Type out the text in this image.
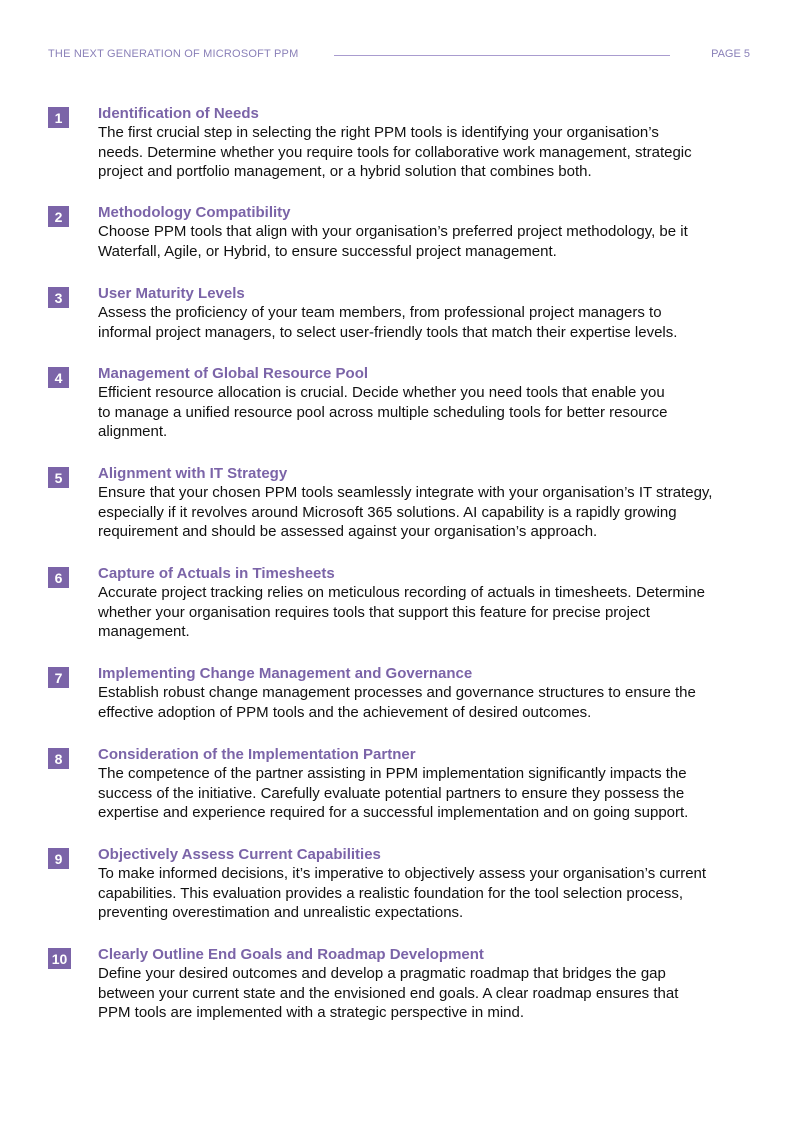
THE NEXT GENERATION OF MICROSOFT PPM	PAGE 5
1	Identification of Needs

The first crucial step in selecting the right PPM tools is identifying your organisation’s
needs. Determine whether you require tools for collaborative work management, strategic
project and portfolio management, or a hybrid solution that combines both.

2	Methodology Compatibility

Choose PPM tools that align with your organisation’s preferred project methodology, be it
Waterfall, Agile, or Hybrid, to ensure successful project management.

3	User Maturity Levels

Assess the proficiency of your team members, from professional project managers to
informal project managers, to select user-friendly tools that match their expertise levels.

4	Management of Global Resource Pool

Efficient resource allocation is crucial. Decide whether you need tools that enable you
to manage a unified resource pool across multiple scheduling tools for better resource
alignment.

5	Alignment with IT Strategy

Ensure that your chosen PPM tools seamlessly integrate with your organisation’s IT strategy,
especially if it revolves around Microsoft 365 solutions. AI capability is a rapidly growing
requirement and should be assessed against your organisation’s approach.

6	Capture of Actuals in Timesheets

Accurate project tracking relies on meticulous recording of actuals in timesheets. Determine
whether your organisation requires tools that support this feature for precise project
management.

7	Implementing Change Management and Governance

Establish robust change management processes and governance structures to ensure the
effective adoption of PPM tools and the achievement of desired outcomes.

8	Consideration of the Implementation Partner

The competence of the partner assisting in PPM implementation significantly impacts the
success of the initiative. Carefully evaluate potential partners to ensure they possess the
expertise and experience required for a successful implementation and on going support.

9	Objectively Assess Current Capabilities

To make informed decisions, it’s imperative to objectively assess your organisation’s current
capabilities. This evaluation provides a realistic foundation for the tool selection process,
preventing overestimation and unrealistic expectations.

10 Clearly Outline End Goals and Roadmap Development

Define your desired outcomes and develop a pragmatic roadmap that bridges the gap
between your current state and the envisioned end goals. A clear roadmap ensures that
PPM tools are implemented with a strategic perspective in mind.
